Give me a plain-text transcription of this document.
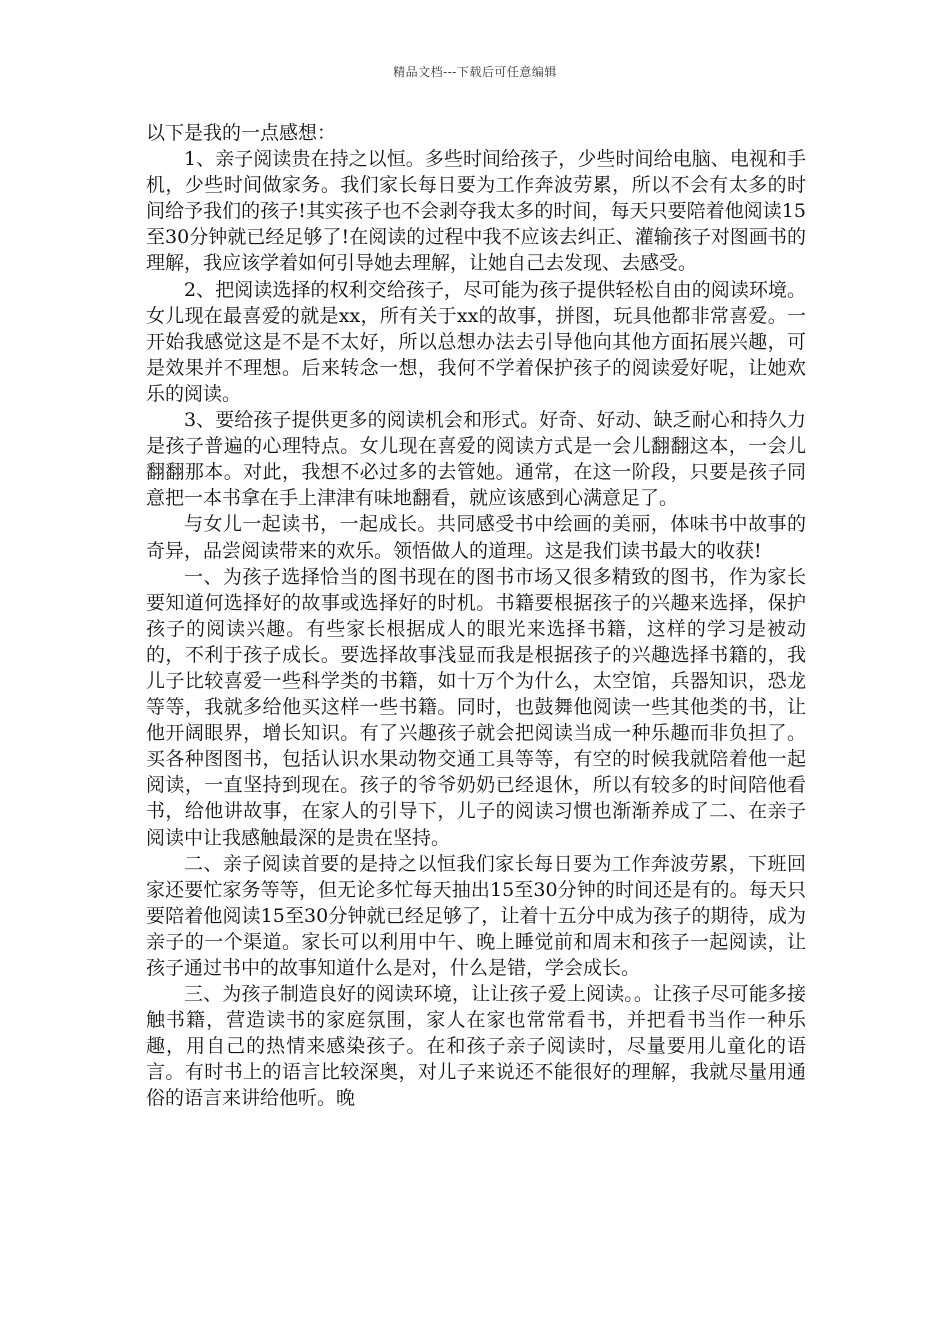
精品文档---下载后可任意编辑

以下是我的一点感想：

1、亲子阅读贵在持之以恒。多些时间给孩子，少些时间给电脑、电视和手机，少些时间做家务。我们家长每日要为工作奔波劳累，所以不会有太多的时间给予我们的孩子!其实孩子也不会剥夺我太多的时间，每天只要陪着他阅读15至30分钟就已经足够了!在阅读的过程中我不应该去纠正、灌输孩子对图画书的理解，我应该学着如何引导她去理解，让她自己去发现、去感受。

2、把阅读选择的权利交给孩子，尽可能为孩子提供轻松自由的阅读环境。女儿现在最喜爱的就是xx，所有关于xx的故事，拼图，玩具他都非常喜爱。一开始我感觉这是不是不太好，所以总想办法去引导他向其他方面拓展兴趣，可是效果并不理想。后来转念一想，我何不学着保护孩子的阅读爱好呢，让她欢乐的阅读。

3、要给孩子提供更多的阅读机会和形式。好奇、好动、缺乏耐心和持久力是孩子普遍的心理特点。女儿现在喜爱的阅读方式是一会儿翻翻这本，一会儿翻翻那本。对此，我想不必过多的去管她。通常，在这一阶段，只要是孩子同意把一本书拿在手上津津有味地翻看，就应该感到心满意足了。

与女儿一起读书，一起成长。共同感受书中绘画的美丽，体味书中故事的奇异，品尝阅读带来的欢乐。领悟做人的道理。这是我们读书最大的收获!

一、为孩子选择恰当的图书现在的图书市场又很多精致的图书，作为家长要知道何选择好的故事或选择好的时机。书籍要根据孩子的兴趣来选择，保护孩子的阅读兴趣。有些家长根据成人的眼光来选择书籍，这样的学习是被动的，不利于孩子成长。要选择故事浅显而我是根据孩子的兴趣选择书籍的，我儿子比较喜爱一些科学类的书籍，如十万个为什么，太空馆，兵器知识，恐龙等等，我就多给他买这样一些书籍。同时，也鼓舞他阅读一些其他类的书，让他开阔眼界，增长知识。有了兴趣孩子就会把阅读当成一种乐趣而非负担了。买各种图图书，包括认识水果动物交通工具等等，有空的时候我就陪着他一起阅读，一直坚持到现在。孩子的爷爷奶奶已经退休，所以有较多的时间陪他看书，给他讲故事，在家人的引导下，儿子的阅读习惯也渐渐养成了二、在亲子阅读中让我感触最深的是贵在坚持。

二、亲子阅读首要的是持之以恒我们家长每日要为工作奔波劳累，下班回家还要忙家务等等，但无论多忙每天抽出15至30分钟的时间还是有的。每天只要陪着他阅读15至30分钟就已经足够了，让着十五分中成为孩子的期待，成为亲子的一个渠道。家长可以利用中午、晚上睡觉前和周末和孩子一起阅读，让孩子通过书中的故事知道什么是对，什么是错，学会成长。

三、为孩子制造良好的阅读环境，让让孩子爱上阅读。。让孩子尽可能多接触书籍，营造读书的家庭氛围，家人在家也常常看书，并把看书当作一种乐趣，用自己的热情来感染孩子。在和孩子亲子阅读时，尽量要用儿童化的语言。有时书上的语言比较深奥，对儿子来说还不能很好的理解，我就尽量用通俗的语言来讲给他听。晚
